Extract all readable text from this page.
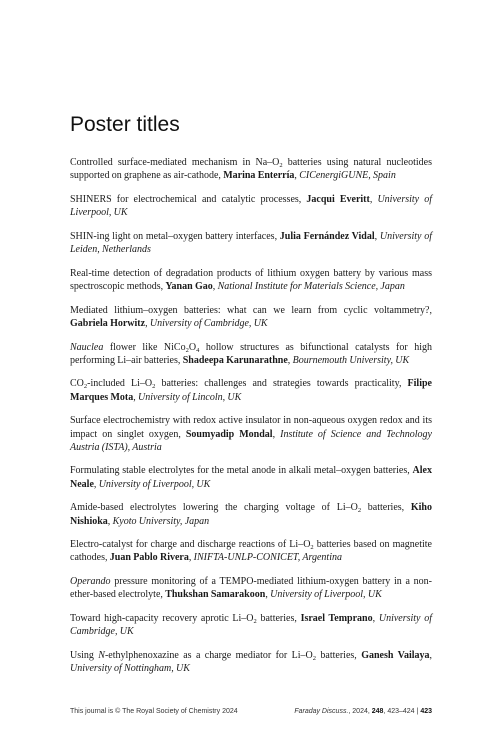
Poster titles

Controlled surface-mediated mechanism in $Na-O_2$ batteries using natural nucleotides supported on graphene as air-cathode, Marina Enterría, CICenergiGUNE, Spain

SHINERS for electrochemical and catalytic processes, Jacqui Everitt, University of Liverpool, UK

SHIN-ing light on metal–oxygen battery interfaces, Julia Fernández Vidal, University of Leiden, Netherlands

Real-time detection of degradation products of lithium oxygen battery by various mass spectroscopic methods, Yanan Gao, National Institute for Materials Science, Japan

Mediated lithium–oxygen batteries: what can we learn from cyclic voltammetry?, Gabriela Horwitz, University of Cambridge, UK

Nauclea flower like $NiCo_2O_4$ hollow structures as bifunctional catalysts for high performing Li–air batteries, Shadeepa Karunarathne, Bournemouth University, UK

$CO_2$-included $Li-O_2$ batteries: challenges and strategies towards practicality, Filipe Marques Mota, University of Lincoln, UK

Surface electrochemistry with redox active insulator in non-aqueous oxygen redox and its impact on singlet oxygen, Soumyadip Mondal, Institute of Science and Technology Austria (ISTA), Austria

Formulating stable electrolytes for the metal anode in alkali metal–oxygen batteries, Alex Neale, University of Liverpool, UK

Amide-based electrolytes lowering the charging voltage of $Li-O_2$ batteries, Kiho Nishioka, Kyoto University, Japan

Electro-catalyst for charge and discharge reactions of $Li-O_2$ batteries based on magnetite cathodes, Juan Pablo Rivera, INIFTA-UNLP-CONICET, Argentina

Operando pressure monitoring of a TEMPO-mediated lithium-oxygen battery in a non-ether-based electrolyte, Thukshan Samarakoon, University of Liverpool, UK

Toward high-capacity recovery aprotic $Li-O_2$ batteries, Israel Temprano, University of Cambridge, UK

Using N-ethylphenoxazine as a charge mediator for $Li-O_2$ batteries, Ganesh Vailaya, University of Nottingham, UK

This journal is © The Royal Society of Chemistry 2024	Faraday Discuss., 2024, 248, 423–424 | 423
